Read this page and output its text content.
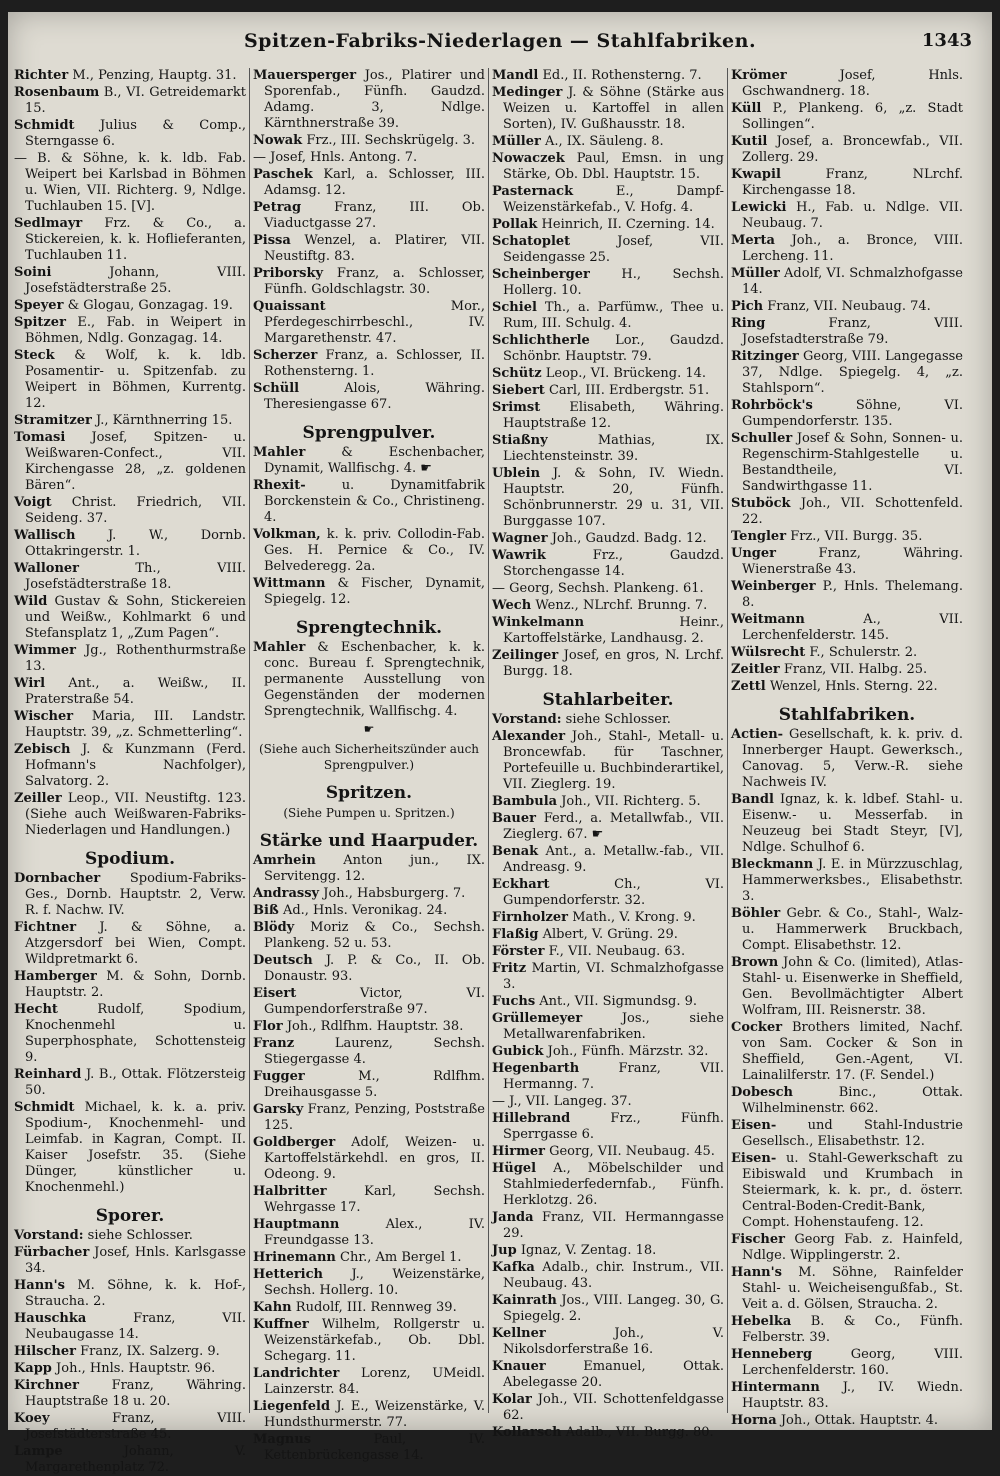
Spitzen-Fabriks-Niederlagen — Stahlfabriken.	1343
Richter M., Penzing, Hauptg. 31.
Rosenbaum B., VI. Getreidemarkt 15.
Schmidt Julius & Comp., Sterngasse 6.
— B. & Söhne, k. k. ldb. Fab. Weipert bei Karlsbad in Böhmen u. Wien, VII. Richterg. 9, Ndlge. Tuchlauben 15. [V].
Sedlmayr Frz. & Co., a. Stickereien, k. k. Hoflieferanten, Tuchlauben 11.
Soini	Johann, VIII. Josefstädterstraße 25.
Speyer & Glogau, Gonzagag. 19.
Spitzer E., Fab. in Weipert in Böhmen, Ndlg. Gonzagag. 14.
Steck & Wolf, k. k. ldb. Posamentir- u. Spitzenfab. zu Weipert in Böhmen, Kurrentg. 12.
Stramitzer J., Kärnthnerring 15.
Tomasi Josef, Spitzen- u. Weißwaren-Confect., VII. Kirchengasse 28, „z. goldenen Bären“.
Voigt Christ. Friedrich, VII. Seideng. 37.
Wallisch	J. W., Dornb. Ottakringerstr. 1.
Walloner	Th., VIII. Josefstädterstraße 18.
Wild Gustav & Sohn, Stickereien und Weißw., Kohlmarkt 6 und Stefansplatz 1, „Zum Pagen“.
Wimmer Jg., Rothenthurmstraße 13.
Wirl Ant., a. Weißw., II. Praterstraße 54.
Wischer Maria, III. Landstr. Hauptstr. 39, „z. Schmetterling“.
Zebisch J. & Kunzmann (Ferd. Hofmann's Nachfolger), Salvatorg. 2.
Zeiller Leop., VII. Neustiftg. 123. (Siehe auch Weißwaren-Fabriks-Niederlagen und Handlungen.)
Spodium.
Dornbacher Spodium-Fabriks-Ges., Dornb. Hauptstr. 2, Verw. R. f. Nachw. IV.
Fichtner J. & Söhne, a. Atzgersdorf bei Wien, Compt. Wildpretmarkt 6.
Hamberger M. & Sohn, Dornb. Hauptstr. 2.
Hecht	Rudolf, Spodium, Knochenmehl u. Superphosphate, Schottensteig 9.
Reinhard J. B., Ottak. Flötzersteig 50.
Schmidt Michael, k. k. a. priv. Spodium-, Knochenmehl- und Leimfab. in Kagran, Compt. II. Kaiser Josefstr. 35. (Siehe Dünger, künstlicher u. Knochenmehl.)
Sporer.
Vorstand: siehe Schlosser.
Fürbacher Josef, Hnls. Karlsgasse 34.
Hann's M. Söhne, k. k. Hof-, Straucha. 2.
Hauschka	Franz, VII. Neubaugasse 14.
Hilscher Franz, IX. Salzerg. 9.
Kapp Joh., Hnls. Hauptstr. 96.
Kirchner	Franz, Währing. Hauptstraße 18 u. 20.
Koey	Franz, VIII. Josefstädterstraße 45.
Lampe	Johann, V. Margarethenplatz 72.
Mauersperger Jos., Platirer und Sporenfab., Fünfh. Gaudzd. Adamg. 3, Ndlge. Kärnthnerstraße 39.
Nowak Frz., III. Sechskrügelg. 3.
— Josef, Hnls. Antong. 7.
Paschek Karl, a. Schlosser, III. Adamsg. 12.
Petrag	Franz, III. Ob. Viaductgasse 27.
Pissa Wenzel, a. Platirer, VII. Neustiftg. 83.
Priborsky Franz, a. Schlosser, Fünfh. Goldschlagstr. 30.
Quaissant	Mor., Pferdegeschirrbeschl., IV. Margarethenstr. 47.
Scherzer Franz, a. Schlosser, II. Rothensterng. 1.
Schüll	Alois, Währing. Theresiengasse 67.
Sprengpulver.
Mahler	& Eschenbacher, Dynamit, Wallfischg. 4. ☛
Rhexit-	u. Dynamitfabrik Borckenstein & Co., Christineng. 4.
Volkman, k. k. priv. Collodin-Fab. Ges. H. Pernice & Co., IV. Belvederegg. 2a.
Wittmann & Fischer, Dynamit, Spiegelg. 12.
Sprengtechnik.
Mahler & Eschenbacher, k. k. conc. Bureau f. Sprengtechnik, permanente Ausstellung von Gegenständen der modernen Sprengtechnik, Wallfischg. 4.
☛
(Siehe auch Sicherheitszünder auch Sprengpulver.)
Spritzen.
(Siehe Pumpen u. Spritzen.)
Stärke und Haarpuder.
Amrhein Anton jun., IX. Servitengg. 12.
Andrassy Joh., Habsburgerg. 7.
Biß Ad., Hnls. Veronikag. 24.
Blödy Moriz & Co., Sechsh. Plankeng. 52 u. 53.
Deutsch J. P. & Co., II. Ob. Donaustr. 93.
Eisert	Victor, VI. Gumpendorferstraße 97.
Flor Joh., Rdlfhm. Hauptstr. 38.
Franz	Laurenz, Sechsh. Stiegergasse 4.
Fugger	M., Rdlfhm. Dreihausgasse 5.
Garsky Franz, Penzing, Poststraße 125.
Goldberger Adolf, Weizen- u. Kartoffelstärkehdl. en gros, II. Odeong. 9.
Halbritter	Karl, Sechsh. Wehrgasse 17.
Hauptmann	Alex., IV. Freundgasse 13.
Hrinemann Chr., Am Bergel 1.
Hetterich J., Weizenstärke, Sechsh. Hollerg. 10.
Kahn Rudolf, III. Rennweg 39.
Kuffner Wilhelm, Rollgerstr u. Weizenstärkefab., Ob. Dbl. Schegarg. 11.
Landrichter Lorenz, UMeidl. Lainzerstr. 84.
Liegenfeld J. E., Weizenstärke, V. Hundsthurmerstr. 77.
Magnus	Paul, IV. Kettenbrückengasse 14.
Mandl Ed., II. Rothensterng. 7.
Medinger J. & Söhne (Stärke aus Weizen u. Kartoffel in allen Sorten), IV. Gußhausstr. 18.
Müller A., IX. Säuleng. 8.
Nowaczek Paul, Emsn. in ung Stärke, Ob. Dbl. Hauptstr. 15.
Pasternack	E., Dampf-Weizenstärkefab., V. Hofg. 4.
Pollak Heinrich, II. Czerning. 14.
Schatoplet	Josef, VII. Seidengasse 25.
Scheinberger H., Sechsh. Hollerg. 10.
Schiel Th., a. Parfümw., Thee u. Rum, III. Schulg. 4.
Schlichtherle Lor., Gaudzd. Schönbr. Hauptstr. 79.
Schütz Leop., VI. Brückeng. 14.
Siebert Carl, III. Erdbergstr. 51.
Srimst Elisabeth, Währing. Hauptstraße 12.
Stiaßny	Mathias, IX. Liechtensteinstr. 39.
Ublein J. & Sohn, IV. Wiedn. Hauptstr. 20, Fünfh. Schönbrunnerstr. 29 u. 31, VII. Burggasse 107.
Wagner Joh., Gaudzd. Badg. 12.
Wawrik	Frz., Gaudzd. Storchengasse 14.
— Georg, Sechsh. Plankeng. 61.
Wech Wenz., NLrchf. Brunng. 7.
Winkelmann	Heinr., Kartoffelstärke, Landhausg. 2.
Zeilinger Josef, en gros, N. Lrchf. Burgg. 18.
Stahlarbeiter.
Vorstand: siehe Schlosser.
Alexander Joh., Stahl-, Metall- u. Broncewfab. für Taschner, Portefeuille u. Buchbinderartikel, VII. Zieglerg. 19.
Bambula Joh., VII. Richterg. 5.
Bauer Ferd., a. Metallwfab., VII. Zieglerg. 67. ☛
Benak Ant., a. Metallw.-fab., VII. Andreasg. 9.
Eckhart	Ch., VI. Gumpendorferstr. 32.
Firnholzer Math., V. Krong. 9.
Flaßig Albert, V. Grüng. 29.
Förster F., VII. Neubaug. 63.
Fritz Martin, VI. Schmalzhofgasse 3.
Fuchs Ant., VII. Sigmundsg. 9.
Grüllemeyer	Jos., siehe Metallwarenfabriken.
Gubick Joh., Fünfh. Märzstr. 32.
Hegenbarth	Franz, VII. Hermanng. 7.
— J., VII. Langeg. 37.
Hillebrand	Frz., Fünfh. Sperrgasse 6.
Hirmer Georg, VII. Neubaug. 45.
Hügel A., Möbelschilder und Stahlmiederfedernfab., Fünfh. Herklotzg. 26.
Janda Franz, VII. Hermanngasse 29.
Jup Ignaz, V. Zentag. 18.
Kafka Adalb., chir. Instrum., VII. Neubaug. 43.
Kainrath Jos., VIII. Langeg. 30, G. Spiegelg. 2.
Kellner	Joh., V. Nikolsdorferstraße 16.
Knauer	Emanuel, Ottak. Abelegasse 20.
Kolar Joh., VII. Schottenfeldgasse 62.
Kollarsch Adalb., VII. Burgg. 80.
Krömer	Josef, Hnls. Gschwandnerg. 18.
Küll P., Plankeng. 6, „z. Stadt Sollingen“.
Kutil Josef, a. Broncewfab., VII. Zollerg. 29.
Kwapil	Franz, NLrchf. Kirchengasse 18.
Lewicki H., Fab. u. Ndlge. VII. Neubaug. 7.
Merta Joh., a. Bronce, VIII. Lercheng. 11.
Müller Adolf, VI. Schmalzhofgasse 14.
Pich Franz, VII. Neubaug. 74.
Ring	Franz, VIII. Josefstadterstraße 79.
Ritzinger Georg, VIII. Langegasse 37, Ndlge. Spiegelg. 4, „z. Stahlsporn“.
Rohrböck's	Söhne, VI. Gumpendorferstr. 135.
Schuller Josef & Sohn, Sonnen- u. Regenschirm-Stahlgestelle u. Bestandtheile, VI. Sandwirthgasse 11.
Stuböck Joh., VII. Schottenfeld. 22.
Tengler Frz., VII. Burgg. 35.
Unger	Franz, Währing. Wienerstraße 43.
Weinberger P., Hnls. Thelemang. 8.
Weitmann	A., VII. Lerchenfelderstr. 145.
Wülsrecht F., Schulerstr. 2.
Zeitler Franz, VII. Halbg. 25.
Zettl Wenzel, Hnls. Sterng. 22.
Stahlfabriken.
Actien- Gesellschaft, k. k. priv. d. Innerberger Haupt. Gewerksch., Canovag. 5, Verw.-R. siehe Nachweis IV.
Bandl Ignaz, k. k. ldbef. Stahl- u. Eisenw.- u. Messerfab. in Neuzeug bei Stadt Steyr, [V], Ndlge. Schulhof 6.
Bleckmann J. E. in Mürzzuschlag, Hammerwerksbes., Elisabethstr. 3.
Böhler Gebr. & Co., Stahl-, Walz- u. Hammerwerk Bruckbach, Compt. Elisabethstr. 12.
Brown John & Co. (limited), Atlas-Stahl- u. Eisenwerke in Sheffield, Gen. Bevollmächtigter Albert Wolfram, III. Reisnerstr. 38.
Cocker Brothers limited, Nachf. von Sam. Cocker & Son in Sheffield, Gen.-Agent, VI. Lainalilferstr. 17. (F. Sendel.)
Dobesch	Binc., Ottak. Wilhelminenstr. 662.
Eisen- und Stahl-Industrie Gesellsch., Elisabethstr. 12.
Eisen- u. Stahl-Gewerkschaft zu Eibiswald und Krumbach in Steiermark, k. k. pr., d. österr. Central-Boden-Credit-Bank, Compt. Hohenstaufeng. 12.
Fischer Georg Fab. z. Hainfeld, Ndlge. Wipplingerstr. 2.
Hann's M. Söhne, Rainfelder Stahl- u. Weicheisengußfab., St. Veit a. d. Gölsen, Straucha. 2.
Hebelka B. & Co., Fünfh. Felberstr. 39.
Henneberg	Georg, VIII. Lerchenfelderstr. 160.
Hintermann J., IV. Wiedn. Hauptstr. 83.
Horna Joh., Ottak. Hauptstr. 4.
